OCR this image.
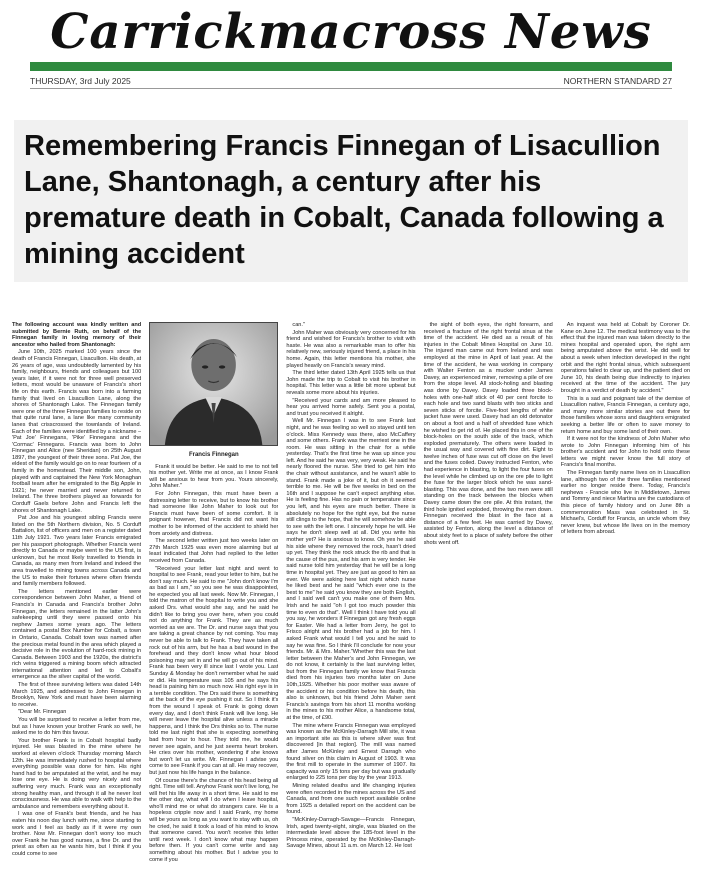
Carrickmacross News
THURSDAY, 3rd July 2025	NORTHERN STANDARD 27
Remembering Francis Finnegan of Lisacullion Lane, Shantonagh, a century after his premature death in Cobalt, Canada following a mining accident

The following account was kindly written and submitted by Bernie Ruth, on behalf of the Finnegan family in loving memory of their ancestor who hailed from Shantonagh:

June 10th, 2025 marked 100 years since the death of Francis Finnegan, Lisacullion. His death, at 26 years of age, was undoubtedly lamented by his family, neighbours, friends and colleagues but 100 years later, if it were not for three well preserved letters, most would be unaware of Francis's short life on this earth. Francis was born into a farming family that lived on Lisacullion Lane, along the shores of Shantonagh Lake. The Finnegan family were one of the three Finnegan families to reside on that quite rural lane, a lane like many community lanes that crisscrossed the townlands of Ireland. Each of the families were identified by a nickname – 'Pat Joe' Finnegans, 'Pike' Finnegans and the 'Cormac' Finnegans. Francis was born to John Finnegan and Alice (nee Sheridan) on 25th August 1897, the youngest of their three sons. Pat Joe, the eldest of the family would go on to rear fourteen of a family in the homestead. Their middle son, John, played with and captained the New York Monaghan football team after he emigrated to the Big Apple in 1921; he never married and never returned to Ireland. The three brothers played as forwards for Corduff Gaels before John and Francis left the shores of Shantonagh Lake.

Pat Joe and his youngest sibling Francis were listed on the 5th Northern division, No. 5 Corduff Battalion, list of officers and men on a register dated 11th July 1921. Two years later Francis emigrated per his passport photograph. Whether Francis went directly to Canada or maybe went to the US first, is unknown, but he most likely travelled to friends in Canada, as many men from Ireland and indeed the area travelled to mining towns across Canada and the US to make their fortunes where often friends and family members followed.

The letters mentioned earlier were correspondence between John Maher, a friend of Francis's in Canada and Francis's brother John Finnegan, the letters remained in the latter John's safekeeping until they were passed onto his nephew James some years ago. The letters contained a postal Box Number for Cobalt, a town in Ontario, Canada. Cobalt town was named after the precious metal found in the area which played a decisive role in the evolution of hard-rock mining in Canada. Between 1903 and the 1920s, the district's rich veins triggered a mining boom which attracted international attention and led to Cobalt's emergence as the silver capital of the world.

The first of three surviving letters was dated 14th March 1925, and addressed to John Finnegan in Brooklyn, New York and must have been alarming to receive.

"Dear Mr. Finnegan

You will be surprised to receive a letter from me, but as I have known your brother Frank so well, he asked me to do him this favour.

Your brother Frank is in Cobalt hospital badly injured. He was blasted in the mine where he worked at eleven o'clock Thursday morning March 12th. He was immediately rushed to hospital where everything possible was done for him. His right hand had to be amputated at the wrist, and he may lose one eye. He is doing very nicely and not suffering very much. Frank was an exceptionally strong healthy man, and through it all he never lost consciousness. He was able to walk with help to the ambulance and remembers everything about it.

I was one of Frank's best friends, and he has eaten his noon day lunch with me, since starting to work and I feel as badly as if it were my own brother. Now Mr. Finnegan don't worry too much over Frank he has good nurses, a fine Dr. and the priest as often as he wants him, but I think if you could come to see

Francis Finnegan

Frank it would be better. He said to me to not tell his mother yet. Write me at once, as I know Frank will be anxious to hear from you. Yours sincerely, John Maher."

For John Finnegan, this must have been a distressing letter to receive, but to know his brother had someone like John Maher to look out for Francis must have been of some comfort. It is poignant however, that Francis did not want his mother to be informed of the accident to shield her from anxiety and distress.

The second letter written just two weeks later on 27th March 1925 was even more alarming but at least indicated that John had replied to the letter received from Canada.

"Received your letter last night and went to hospital to see Frank, read your letter to him, but he don't say much. He said to me "John don't know I'm as bad as I am," so you see he was disappointed, he expected you all last week. Now Mr. Finnegan, I told the matron of the hospital to write you and she asked Drs. what would she say, and he said he didn't like to bring you over here, when you could not do anything for Frank. They are as much worried as we are. The Dr. and nurse says that you are taking a great chance by not coming. You may never be able to talk to Frank. They have taken all rock out of his arm, but he has a bad wound in the forehead and they don't know what hour blood poisoning may set in and he will go out of his mind. Frank has been very ill since last I wrote you. Last Sunday & Monday he don't remember what he said or did. His temperature was 105 and he says his head is paining him so much now. His right eye is in a terrible condition. The Drs said there is something at the back of the eye pushing it out. So I think it's from the wound I speak of. Frank is going down every day, and I don't think Frank will live long. He will never leave the hospital alive unless a miracle happens, and I think the Drs thinks so to. The nurse told me last night that she is expecting something bad from hour to hour. They told me, he would never see again, and he just seems heart broken. He cries over his mother, wondering if she knows but won't let us write. Mr. Finnegan I advise you come to see Frank if you can at all. He may recover, but just now his life hangs in the balance.

Of course there's the chance of his head being all right. Time will tell. Anyhow Frank won't live long, he will fret his life away in a short time. He said to me the other day, what will I do when I leave hospital, who'll mind me or what do strangers care. He is a hopeless cripple now and I said Frank, my home will be yours as long as you want to stay with us, oh he cried, he said it took a load of his mind to know that someone cared. You won't receive this letter until next week. I don't know what may happen before then. If you can't come write and say something about his mother. But I advise you to come if you

can."

John Maher was obviously very concerned for his friend and wished for Francis's brother to visit with haste. He was also a remarkable man to offer his relatively new, seriously injured friend, a place in his home. Again, this letter mentions his mother, she played heavily on Francis's weary mind.

The third letter dated 13th April 1925 tells us that John made the trip to Cobalt to visit his brother in hospital. This letter was a little bit more upbeat but reveals some more about his injuries.

"Received your cards and am more pleased to hear you arrived home safely. Sent you a postal, and trust you received it alright.

Well Mr. Finnegan I was in to see Frank last night, and he was feeling so well so stayed until ten o'clock. Miss Kennedy was there, also McCaffery and some others. Frank was the merriest one in the room. He was sitting in the chair for a while yesterday. That's the first time he was up since you left. And he said he was very, very weak. He said he nearly floored the nurse. She tried to get him into the chair without assistance, and he wasn't able to stand. Frank made a joke of it, but oh it seemed terrible to me. He will be five weeks in bed on the 16th and I suppose he can't expect anything else. He is feeling fine. Has no pain or temperature since you left, and his eyes are much better. There is absolutely no hope for the right eye, but the nurse still clings to the hope, that he will somehow be able to see with the left one. I sincerely hope he will. He says he don't sleep well at all. Did you write his mother yet? He is anxious to know. Oh yes he said his side where they removed the rock, hasn't dried up yet. They think the rock struck the rib and that is the cause of the pus, and his arm is very tender. He said nurse told him yesterday that he will be a long time in hospital yet. They are just as good to him as ever. We were asking here last night which nurse he liked best and he said "which ever one is the best to me" he said you know they are both English, and I said well can't you make one of them Mrs. Irish and he said "oh I got too much powder this time to even do that". Well I think I have told you all you say, he wonders if Finnegan got any fresh eggs for Easter. We had a letter from Jerry, he got to Frisco alright and his brother had a job for him. I asked Frank what would I tell you and he said to say he was fine. So I think I'll conclude for now your friends. Mr. & Mrs. Maher."Whether this was the last letter between the Maher's and John Finnegan, we do not know, it certainly is the last surviving letter, but from the Finnegan family we know that Francis died from his injuries two months later on June 10th,1925. Whether his poor mother was aware of the accident or his condition before his death, this also is unknown, but his friend John Maher sent Francis's savings from his short 11 months working in the mines to his mother Alice, a handsome total, at the time, of £90.

The mine where Francis Finnegan was employed was known as the McKinley-Darragh Mill site, it was an important site as this is where silver was first discovered [in that region]. The mill was named after James McKinley and Ernest Darragh who found silver on this claim in August of 1903. It was the first mill to operate in the summer of 1907. Its capacity was only 15 tons per day but was gradually enlarged to 225 tons per day by the year 1913.

Mining related deaths and life changing injuries were often recorded in the mines across the US and Canada, and from one such report available online from 1925 a detailed report on the accident can be found.

"McKinley-Darragh-Savage—Francis Finnegan, Irish, aged twenty-eight, single, was blasted on the intermediate level above the 185-foot level in the Princess mine, operated by the McKinley-Darragh-Savage Mines, about 11 a.m. on March 12. He lost

the sight of both eyes, the right forearm, and received a fracture of the right frontal sinus at the time of the accident. He died as a result of his injuries in the Cobalt Mines Hospital on June 10. The injured man came out from Ireland and was employed at the mine in April of last year. At the time of the accident, he was working in company with Walter Fenton as a mucker under James Davey, an experienced miner, removing a pile of ore from the stope level. All stock-holing and blasting was done by Davey. Davey loaded three block-holes with one-half stick of 40 per cent forcite to each hole and two sand blasts with two sticks and seven sticks of forcite. Five-foot lengths of white jacket fuse were used. Davey had an old detonator on about a foot and a half of shredded fuse which he wished to get rid of. He placed this in one of the block-holes on the south side of the track, which exploded prematurely. The others were loaded in the usual way and covered with fine dirt. Eight to twelve inches of fuse was cut off close on the level and the fuses coiled. Davey instructed Fenton, who had experience in blasting, to light the four fuses on the level while he climbed up on the ore pile to light the fuse for the larger block which he was sand-blasting. This was done, and the two men were still standing on the track between the blocks when Davey came down the ore pile. At this instant, the third hole ignited exploded, throwing the men down. Finnegan received the blast in the face at a distance of a few feet. He was carried by Davey, assisted by Fenton, along the level a distance of about sixty feet to a place of safety before the other shots went off.

An inquest was held at Cobalt by Coroner Dr. Kane on June 12. The medical testimony was to the effect that the injured man was taken directly to the mines hospital and operated upon, the right arm being amputated above the wrist. He did well for about a week when infection developed in the right orbit and the right frontal sinus, which subsequent operations failed to clear up, and the patient died on June 10, his death being due indirectly to injuries received at the time of the accident. The jury brought in a verdict of death by accident."

This is a sad and poignant tale of the demise of Lisacullion native, Francis Finnegan, a century ago, and many more similar stories are out there for those families whose sons and daughters emigrated seeking a better life or often to save money to return home and buy some land of their own.

If it were not for the kindness of John Maher who wrote to John Finnegan informing him of his brother's accident and for John to hold onto these letters we might never know the full story of Francis's final months.

The Finnegan family name lives on in Lisacullion lane, although two of the three families mentioned earlier no longer reside there. Today, Francis's nephews - Francie who live in Middletown, James and Tommy and niece Martina are the custodians of this piece of family history and on June 8th a commemoration Mass was celebrated in St. Michael's, Corduff for Francis, an uncle whom they never knew, but whose life lives on in the memory of letters from abroad.
